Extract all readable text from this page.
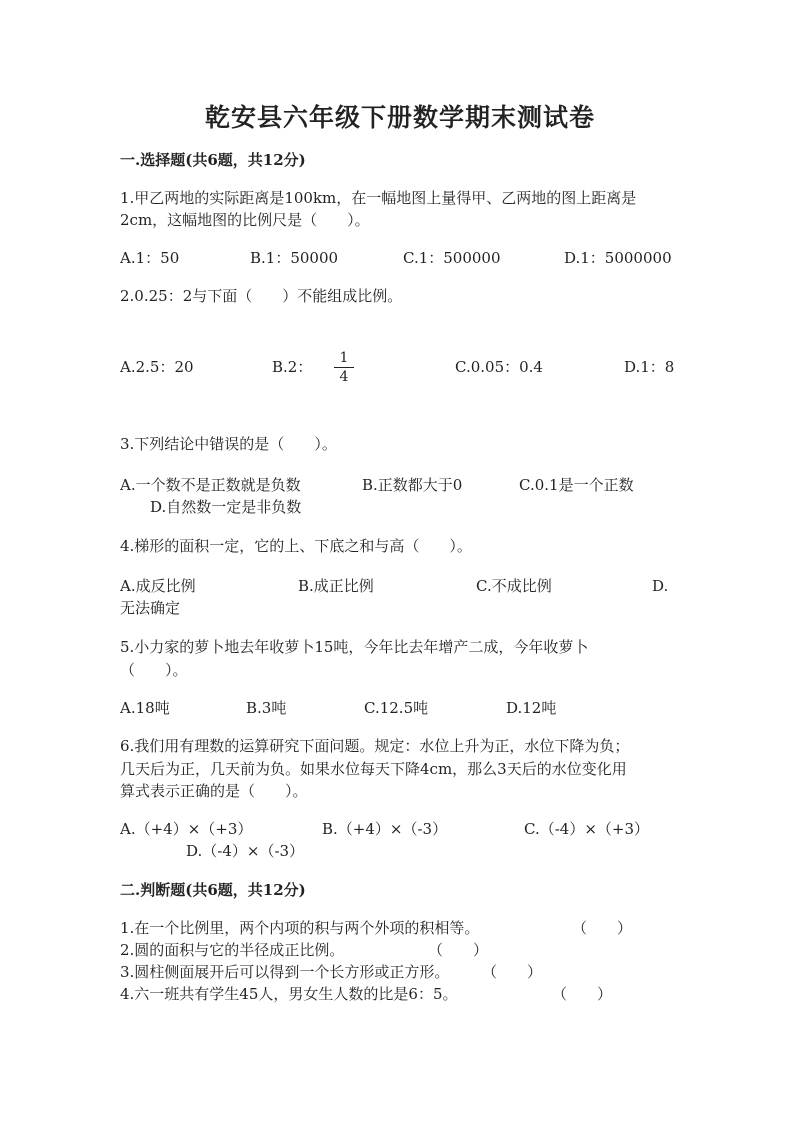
乾安县六年级下册数学期末测试卷
一.选择题(共6题，共12分)
1.甲乙两地的实际距离是100km，在一幅地图上量得甲、乙两地的图上距离是
2cm，这幅地图的比例尺是（　　）。
A.1：50	B.1：50000	C.1：500000	D.1：5000000
2.0.25：2与下面（　　）不能组成比例。
A.2.5：20	B.2：	1
4
C.0.05：0.4	D.1：8
3.下列结论中错误的是（　　）。
A.一个数不是正数就是负数	B.正数都大于0	C.0.1是一个正数
D.自然数一定是非负数
4.梯形的面积一定，它的上、下底之和与高（　　）。
A.成反比例	B.成正比例	C.不成比例	D.
无法确定
5.小力家的萝卜地去年收萝卜15吨，今年比去年增产二成，今年收萝卜
（　　）。
A.18吨	B.3吨	C.12.5吨	D.12吨
6.我们用有理数的运算研究下面问题。规定：水位上升为正，水位下降为负；
几天后为正，几天前为负。如果水位每天下降4cm，那么3天后的水位变化用
算式表示正确的是（　　）。
A.（+4）×（+3）	B.（+4）×（-3）	C.（-4）×（+3）
D.（-4）×（-3）
二.判断题(共6题，共12分)
1.在一个比例里，两个内项的积与两个外项的积相等。	（　　）
2.圆的面积与它的半径成正比例。	（　　）
3.圆柱侧面展开后可以得到一个长方形或正方形。 （　　）
4.六一班共有学生45人，男女生人数的比是6：5。	（　　）
